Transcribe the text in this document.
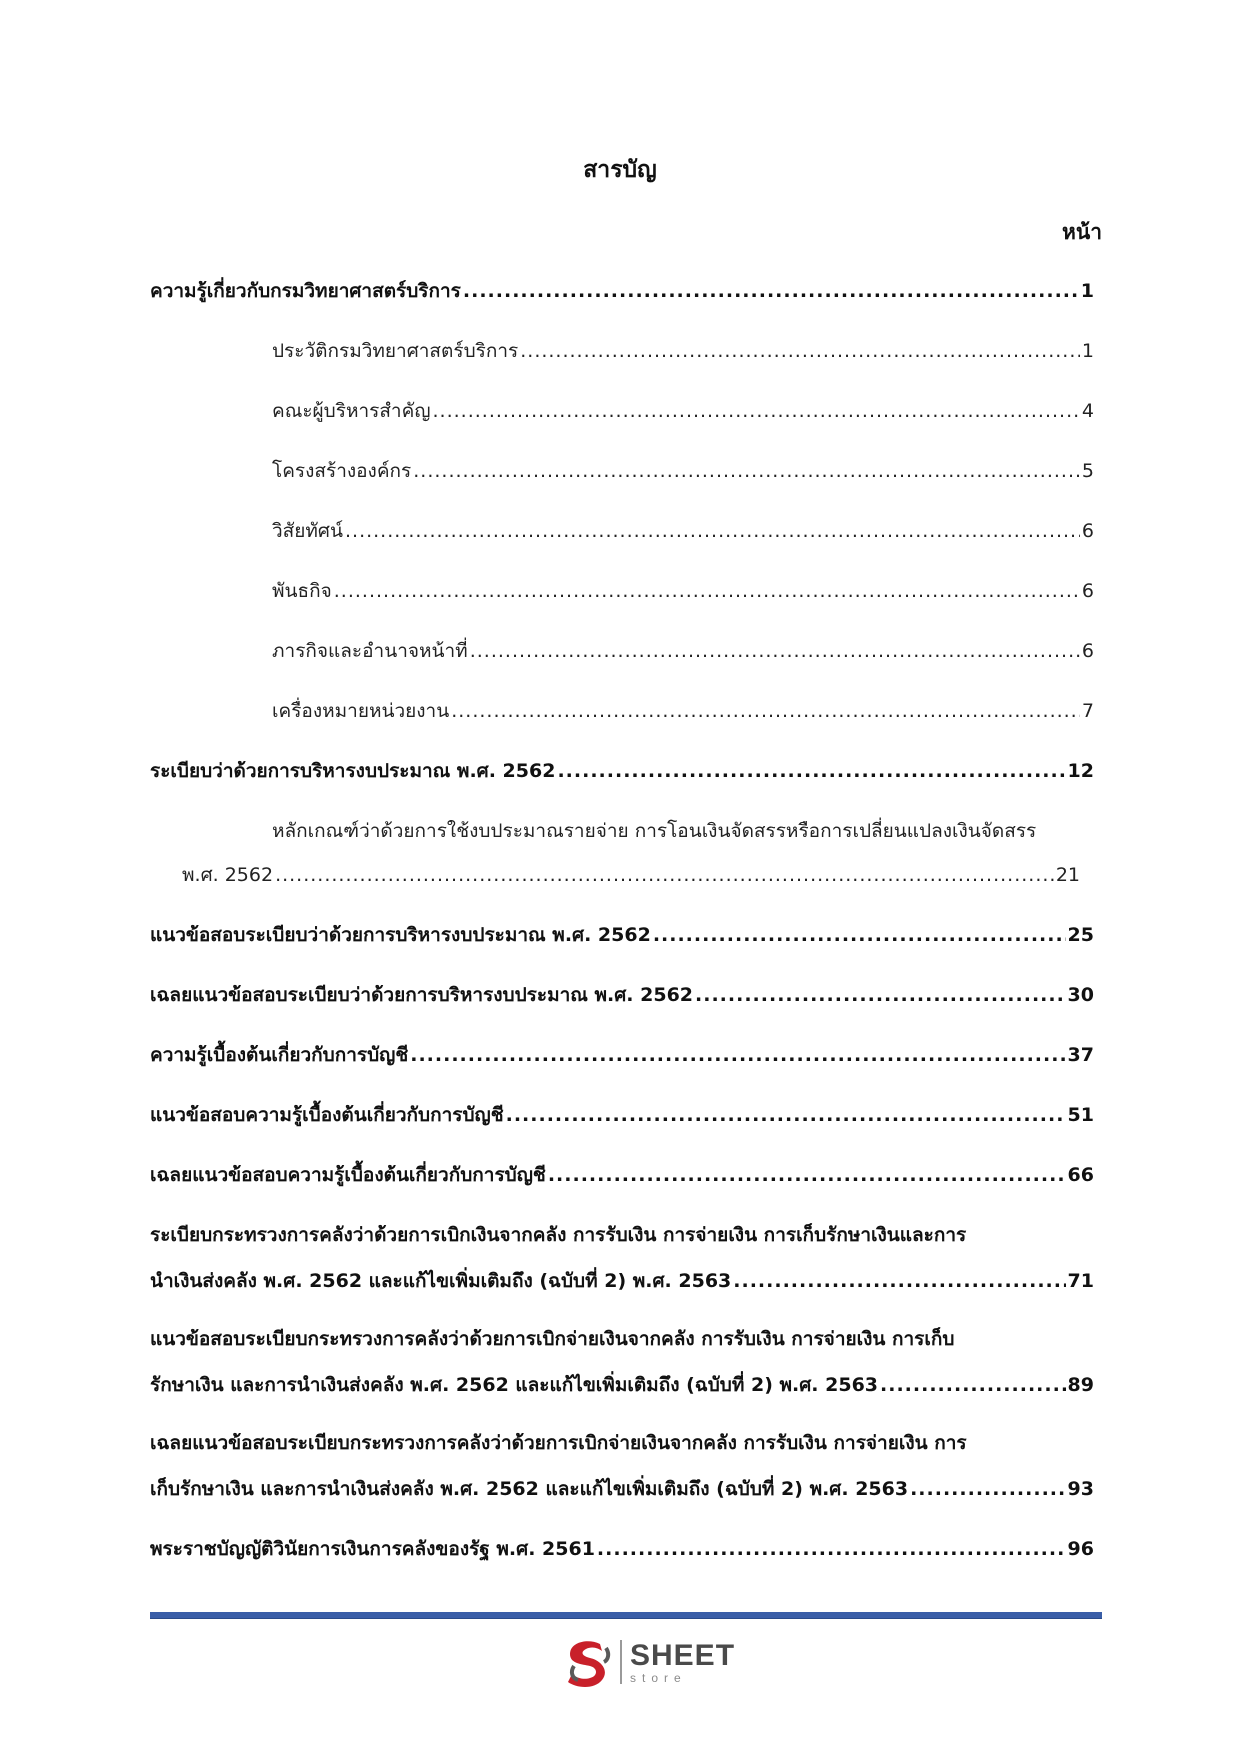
สารบัญ
หน้า
ความรู้เกี่ยวกับกรมวิทยาศาสตร์บริการ .....	1
ประวัติกรมวิทยาศาสตร์บริการ .....	1
คณะผู้บริหารสำคัญ .....	4
โครงสร้างองค์กร .....	5
วิสัยทัศน์ .....	6
พันธกิจ .....	6
ภารกิจและอำนาจหน้าที่ .....	6
เครื่องหมายหน่วยงาน .....	7
ระเบียบว่าด้วยการบริหารงบประมาณ พ.ศ. 2562 .....	12
หลักเกณฑ์ว่าด้วยการใช้งบประมาณรายจ่าย การโอนเงินจัดสรรหรือการเปลี่ยนแปลงเงินจัดสรร
พ.ศ. 2562 .....	21
แนวข้อสอบระเบียบว่าด้วยการบริหารงบประมาณ พ.ศ. 2562 .....	25
เฉลยแนวข้อสอบระเบียบว่าด้วยการบริหารงบประมาณ พ.ศ. 2562 .....	30
ความรู้เบื้องต้นเกี่ยวกับการบัญชี .....	37
แนวข้อสอบความรู้เบื้องต้นเกี่ยวกับการบัญชี .....	51
เฉลยแนวข้อสอบความรู้เบื้องต้นเกี่ยวกับการบัญชี .....	66
ระเบียบกระทรวงการคลังว่าด้วยการเบิกเงินจากคลัง การรับเงิน การจ่ายเงิน การเก็บรักษาเงินและการ
นำเงินส่งคลัง พ.ศ. 2562 และแก้ไขเพิ่มเติมถึง (ฉบับที่ 2) พ.ศ. 2563 .....	71
แนวข้อสอบระเบียบกระทรวงการคลังว่าด้วยการเบิกจ่ายเงินจากคลัง การรับเงิน การจ่ายเงิน การเก็บ
รักษาเงิน และการนำเงินส่งคลัง พ.ศ. 2562 และแก้ไขเพิ่มเติมถึง (ฉบับที่ 2) พ.ศ. 2563 .....	89
เฉลยแนวข้อสอบระเบียบกระทรวงการคลังว่าด้วยการเบิกจ่ายเงินจากคลัง การรับเงิน การจ่ายเงิน การ
เก็บรักษาเงิน และการนำเงินส่งคลัง พ.ศ. 2562 และแก้ไขเพิ่มเติมถึง (ฉบับที่ 2) พ.ศ. 2563 .....	93
พระราชบัญญัติวินัยการเงินการคลังของรัฐ พ.ศ. 2561 .....	96
SHEET
store
